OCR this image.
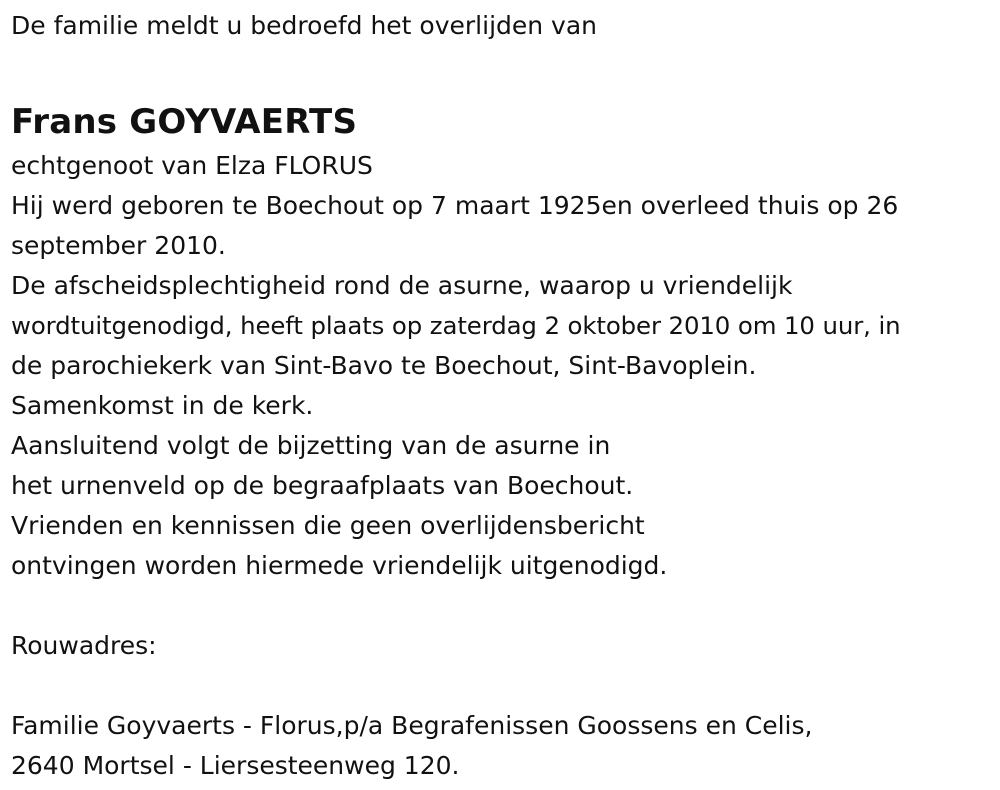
De familie meldt u bedroefd het overlijden van
Frans GOYVAERTS
echtgenoot van Elza FLORUS
Hij werd geboren te Boechout op 7 maart 1925en overleed thuis op 26
september 2010.
De afscheidsplechtigheid rond de asurne, waarop u vriendelijk
wordtuitgenodigd, heeft plaats op zaterdag 2 oktober 2010 om 10 uur, in
de parochiekerk van Sint-Bavo te Boechout, Sint-Bavoplein.
Samenkomst in de kerk.
Aansluitend volgt de bijzetting van de asurne in
het urnenveld op de begraafplaats van Boechout.
Vrienden en kennissen die geen overlijdensbericht
ontvingen worden hiermede vriendelijk uitgenodigd.
Rouwadres:
Familie Goyvaerts - Florus,p/a Begrafenissen Goossens en Celis,
2640 Mortsel - Liersesteenweg 120.
